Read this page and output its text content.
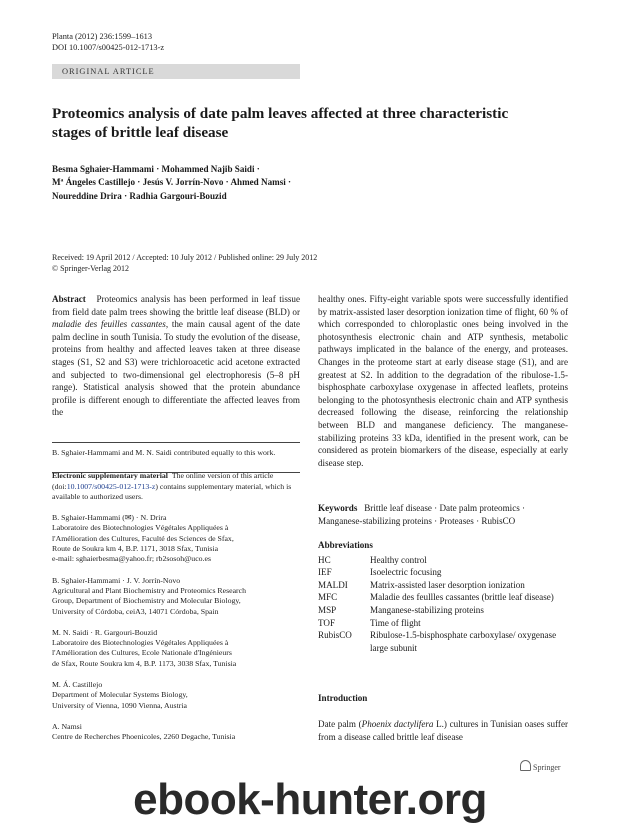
Planta (2012) 236:1599–1613
DOI 10.1007/s00425-012-1713-z
ORIGINAL ARTICLE
Proteomics analysis of date palm leaves affected at three characteristic stages of brittle leaf disease
Besma Sghaier-Hammami · Mohammed Najib Saidi ·
Mª Ángeles Castillejo · Jesús V. Jorrín-Novo · Ahmed Namsi ·
Noureddine Drira · Radhia Gargouri-Bouzid
Received: 19 April 2012 / Accepted: 10 July 2012 / Published online: 29 July 2012
© Springer-Verlag 2012
Abstract Proteomics analysis has been performed in leaf tissue from field date palm trees showing the brittle leaf disease (BLD) or maladie des feuilles cassantes, the main causal agent of the date palm decline in south Tunisia. To study the evolution of the disease, proteins from healthy and affected leaves taken at three disease stages (S1, S2 and S3) were trichloroacetic acid acetone extracted and subjected to two-dimensional gel electrophoresis (5–8 pH range). Statistical analysis showed that the protein abundance profile is different enough to differentiate the affected leaves from the
B. Sghaier-Hammami and M. N. Saidi contributed equally to this work.
Electronic supplementary material The online version of this article (doi:10.1007/s00425-012-1713-z) contains supplementary material, which is available to authorized users.
B. Sghaier-Hammami (✉) · N. Drira
Laboratoire des Biotechnologies Végétales Appliquées à
l'Amélioration des Cultures, Faculté des Sciences de Sfax,
Route de Soukra km 4, B.P. 1171, 3018 Sfax, Tunisia
e-mail: sghaierbesma@yahoo.fr; rb2sosoh@uco.es
B. Sghaier-Hammami · J. V. Jorrín-Novo
Agricultural and Plant Biochemistry and Proteomics Research
Group, Department of Biochemistry and Molecular Biology,
University of Córdoba, ceiA3, 14071 Córdoba, Spain
M. N. Saidi · R. Gargouri-Bouzid
Laboratoire des Biotechnologies Végétales Appliquées à
l'Amélioration des Cultures, Ecole Nationale d'Ingénieurs
de Sfax, Route Soukra km 4, B.P. 1173, 3038 Sfax, Tunisia
M. Á. Castillejo
Department of Molecular Systems Biology,
University of Vienna, 1090 Vienna, Austria
A. Namsi
Centre de Recherches Phoenicoles, 2260 Degache, Tunisia
healthy ones. Fifty-eight variable spots were successfully identified by matrix-assisted laser desorption ionization time of flight, 60 % of which corresponded to chloroplastic ones being involved in the photosynthesis electronic chain and ATP synthesis, metabolic pathways implicated in the balance of the energy, and proteases. Changes in the proteome start at early disease stage (S1), and are greatest at S2. In addition to the degradation of the ribulose-1.5-bisphosphate carboxylase oxygenase in affected leaflets, proteins belonging to the photosynthesis electronic chain and ATP synthesis decreased following the disease, reinforcing the relationship between BLD and manganese deficiency. The manganese-stabilizing proteins 33 kDa, identified in the present work, can be considered as protein biomarkers of the disease, especially at early disease step.
Keywords Brittle leaf disease · Date palm proteomics · Manganese-stabilizing proteins · Proteases · RubisCO
Abbreviations
HC	Healthy control
IEF	Isoelectric focusing
MALDI	Matrix-assisted laser desorption ionization
MFC	Maladie des feullles cassantes (brittle leaf disease)
MSP	Manganese-stabilizing proteins
TOF	Time of flight
RubisCO	Ribulose-1.5-bisphosphate carboxylase/ oxygenase large subunit
Introduction
Date palm (Phoenix dactylifera L.) cultures in Tunisian oases suffer from a disease called brittle leaf disease
Springer
ebook-hunter.org
